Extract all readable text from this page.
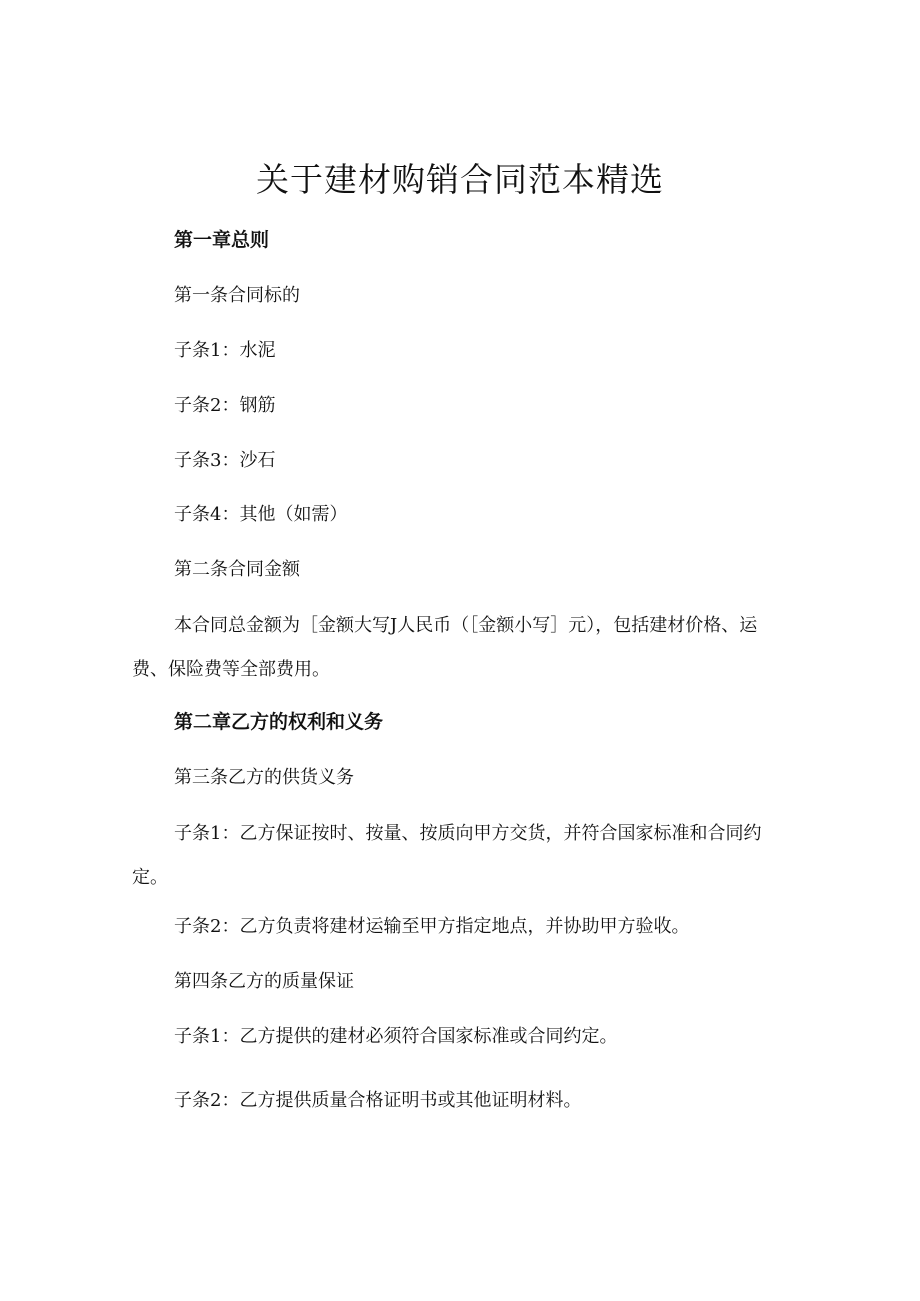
关于建材购销合同范本精选

第一章总则

第一条合同标的

子条1：水泥

子条2：钢筋

子条3：沙石

子条4：其他（如需）

第二条合同金额

本合同总金额为［金额大写J人民币（［金额小写］元），包括建材价格、运费、保险费等全部费用。

第二章乙方的权利和义务

第三条乙方的供货义务

子条1：乙方保证按时、按量、按质向甲方交货，并符合国家标准和合同约定。

子条2：乙方负责将建材运输至甲方指定地点，并协助甲方验收。

第四条乙方的质量保证

子条1：乙方提供的建材必须符合国家标准或合同约定。

子条2：乙方提供质量合格证明书或其他证明材料。
